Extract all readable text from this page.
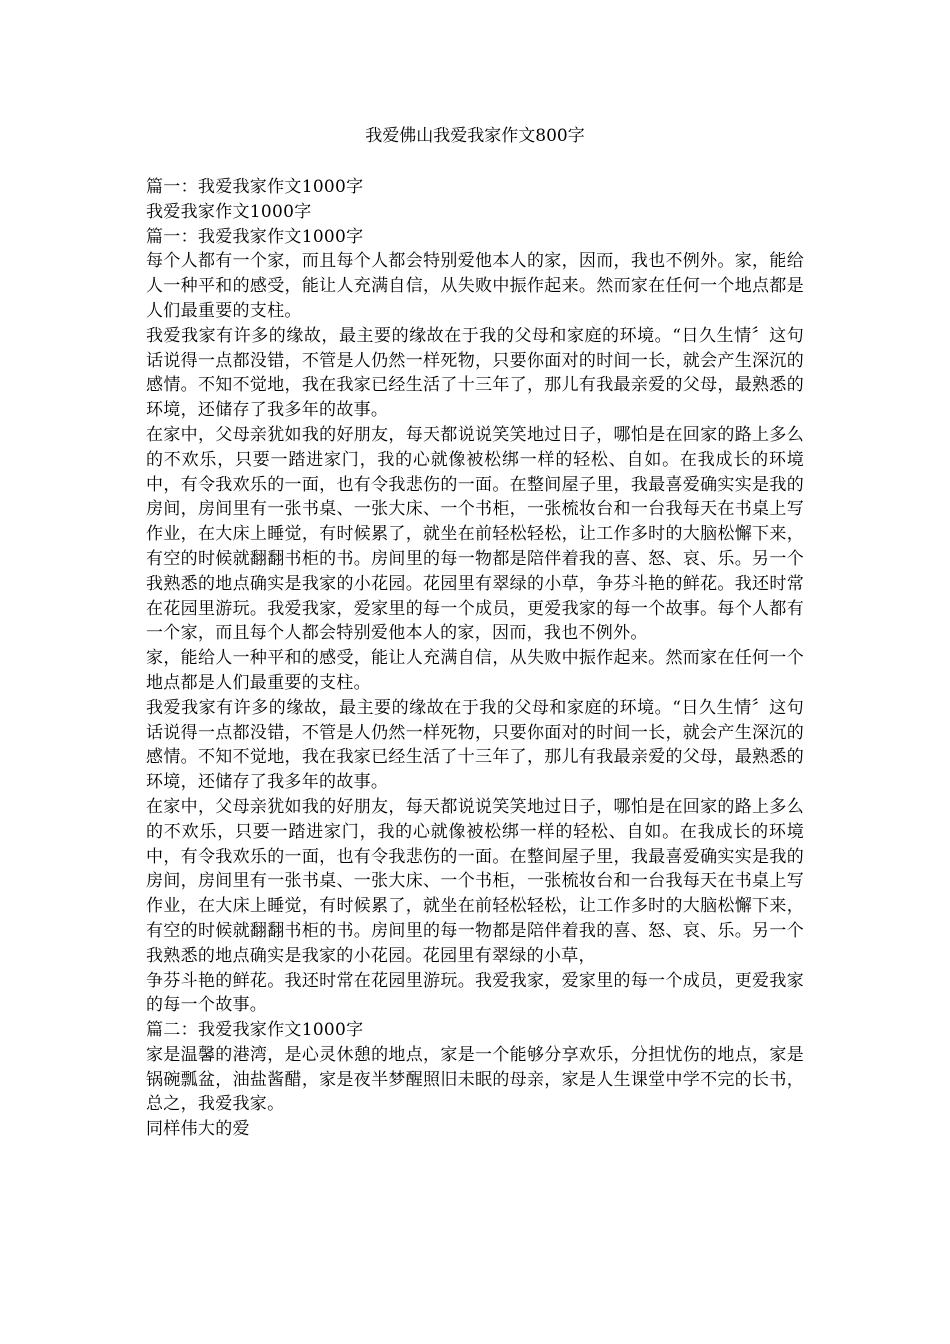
我爱佛山我爱我家作文800字

篇一：我爱我家作文1000字

我爱我家作文1000字

篇一：我爱我家作文1000字

每个人都有一个家，而且每个人都会特别爱他本人的家，因而，我也不例外。家，能给人一种平和的感受，能让人充满自信，从失败中振作起来。然而家在任何一个地点都是人们最重要的支柱。

我爱我家有许多的缘故，最主要的缘故在于我的父母和家庭的环境。“日久生情〞这句话说得一点都没错，不管是人仍然一样死物，只要你面对的时间一长，就会产生深沉的感情。不知不觉地，我在我家已经生活了十三年了，那儿有我最亲爱的父母，最熟悉的环境，还储存了我多年的故事。

在家中，父母亲犹如我的好朋友，每天都说说笑笑地过日子，哪怕是在回家的路上多么的不欢乐，只要一踏进家门，我的心就像被松绑一样的轻松、自如。在我成长的环境中，有令我欢乐的一面，也有令我悲伤的一面。在整间屋子里，我最喜爱确实实是我的房间，房间里有一张书桌、一张大床、一个书柜，一张梳妆台和一台我每天在书桌上写作业，在大床上睡觉，有时候累了，就坐在前轻松轻松，让工作多时的大脑松懈下来，有空的时候就翻翻书柜的书。房间里的每一物都是陪伴着我的喜、怒、哀、乐。另一个我熟悉的地点确实是我家的小花园。花园里有翠绿的小草，争芬斗艳的鲜花。我还时常在花园里游玩。我爱我家，爱家里的每一个成员，更爱我家的每一个故事。每个人都有一个家，而且每个人都会特别爱他本人的家，因而，我也不例外。

家，能给人一种平和的感受，能让人充满自信，从失败中振作起来。然而家在任何一个地点都是人们最重要的支柱。

我爱我家有许多的缘故，最主要的缘故在于我的父母和家庭的环境。“日久生情〞这句话说得一点都没错，不管是人仍然一样死物，只要你面对的时间一长，就会产生深沉的感情。不知不觉地，我在我家已经生活了十三年了，那儿有我最亲爱的父母，最熟悉的环境，还储存了我多年的故事。

在家中，父母亲犹如我的好朋友，每天都说说笑笑地过日子，哪怕是在回家的路上多么的不欢乐，只要一踏进家门，我的心就像被松绑一样的轻松、自如。在我成长的环境中，有令我欢乐的一面，也有令我悲伤的一面。在整间屋子里，我最喜爱确实实是我的房间，房间里有一张书桌、一张大床、一个书柜，一张梳妆台和一台我每天在书桌上写作业，在大床上睡觉，有时候累了，就坐在前轻松轻松，让工作多时的大脑松懈下来，有空的时候就翻翻书柜的书。房间里的每一物都是陪伴着我的喜、怒、哀、乐。另一个我熟悉的地点确实是我家的小花园。花园里有翠绿的小草，

争芬斗艳的鲜花。我还时常在花园里游玩。我爱我家，爱家里的每一个成员，更爱我家的每一个故事。

篇二：我爱我家作文1000字

家是温馨的港湾，是心灵休憩的地点，家是一个能够分享欢乐，分担忧伤的地点，家是锅碗瓢盆，油盐酱醋，家是夜半梦醒照旧未眠的母亲，家是人生课堂中学不完的长书，总之，我爱我家。

同样伟大的爱
